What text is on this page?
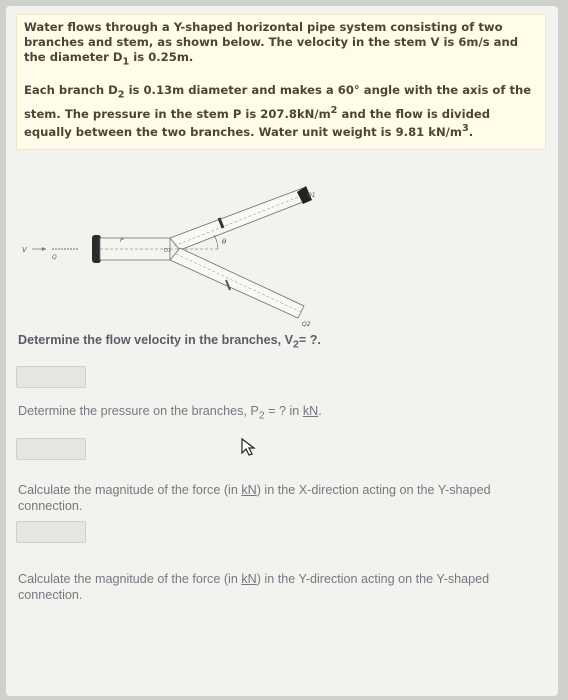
Water flows through a Y-shaped horizontal pipe system consisting of two branches and stem, as shown below. The velocity in the stem V is 6m/s and the diameter $D_1$ is 0.25m.

Each branch $D_2$ is 0.13m diameter and makes a 60° angle with the axis of the stem. The pressure in the stem P is $207.8kN/m^2$ and the flow is divided equally between the two branches. Water unit weight is 9.81 $kN/m^3$.

V
Q
P
D1
Q1
Q2
θ
Determine the flow velocity in the branches, $V_2=$ ?.
Determine the pressure on the branches, $P_2$ = ? in kN.
Calculate the magnitude of the force (in kN) in the X-direction acting on the Y-shaped connection.
Calculate the magnitude of the force (in kN) in the Y-direction acting on the Y-shaped connection.
